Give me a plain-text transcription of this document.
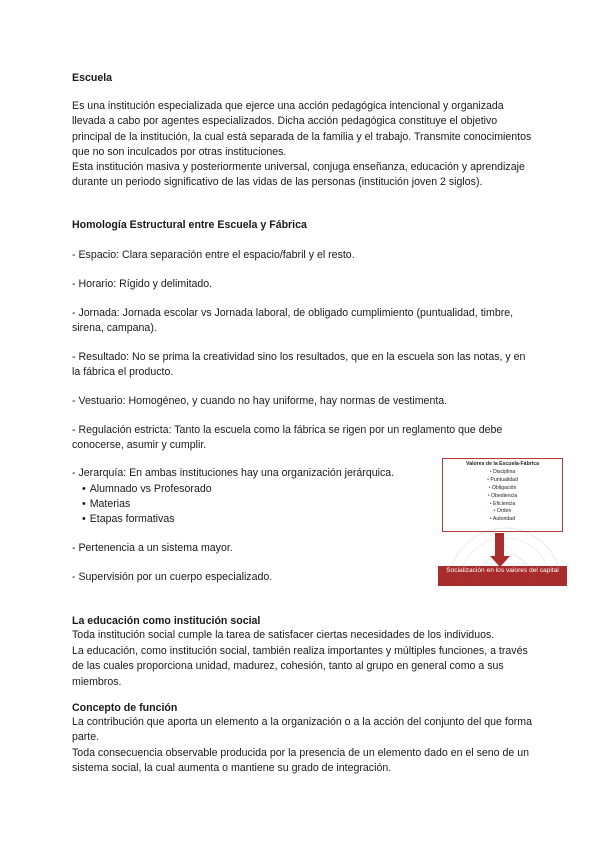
Escuela

Es una institución especializada que ejerce una acción pedagógica intencional y organizada llevada a cabo por agentes especializados. Dicha acción pedagógica constituye el objetivo principal de la institución, la cual está separada de la familia y el trabajo. Transmite conocimientos que no son inculcados por otras instituciones.

Esta institución masiva y posteriormente universal, conjuga enseñanza, educación y aprendizaje durante un periodo significativo de las vidas de las personas (institución joven 2 siglos).

Homología Estructural entre Escuela y Fábrica

- Espacio: Clara separación entre el espacio/fabril y el resto.

- Horario: Rígido y delimitado.

- Jornada: Jornada escolar vs Jornada laboral, de obligado cumplimiento (puntualidad, timbre, sirena, campana).

- Resultado: No se prima la creatividad sino los resultados, que en la escuela son las notas, y en la fábrica el producto.

- Vestuario: Homogéneo, y cuando no hay uniforme, hay normas de vestimenta.

- Regulación estricta: Tanto la escuela como la fábrica se rigen por un reglamento que debe conocerse, asumir y cumplir.

- Jerarquía: En ambas instituciones hay una organización jerárquica.

• Alumnado vs Profesorado
• Materias
• Etapas formativas

- Pertenencia a un sistema mayor.

- Supervisión por un cuerpo especializado.

Valores de la Escuela-Fábrica
• Disciplina
• Puntualidad
• Obligación
• Obediencia
• Eficiencia
• Orden
• Autoridad
Socialización en los valores del capital

La educación como institución social

Toda institución social cumple la tarea de satisfacer ciertas necesidades de los individuos.

La educación, como institución social, también realiza importantes y múltiples funciones, a través de las cuales proporciona unidad, madurez, cohesión, tanto al grupo en general como a sus miembros.

Concepto de función

La contribución que aporta un elemento a la organización o a la acción del conjunto del que forma parte.

Toda consecuencia observable producida por la presencia de un elemento dado en el seno de un sistema social, la cual aumenta o mantiene su grado de integración.
